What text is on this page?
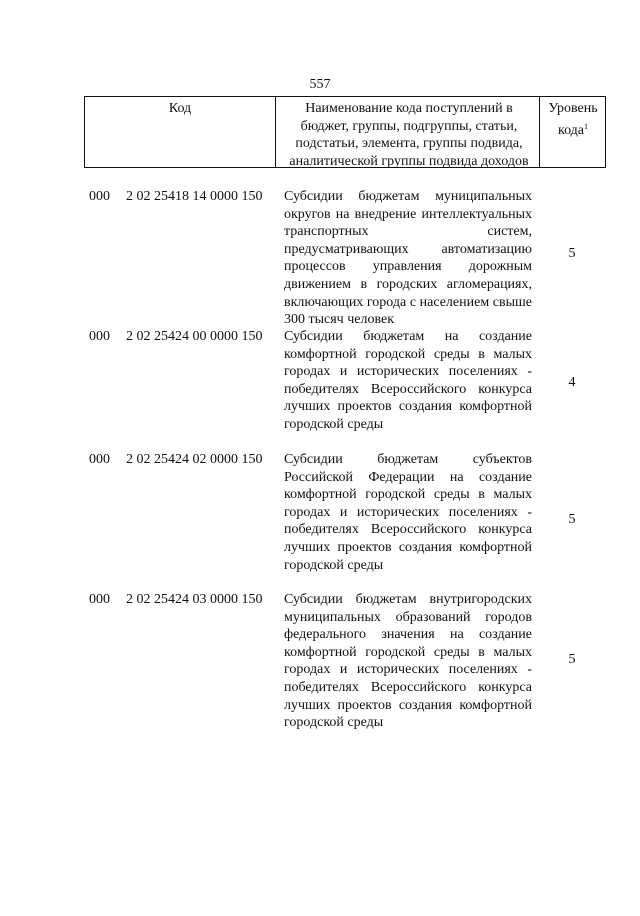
557
Код	Наименование кода поступлений в бюджет, группы, подгруппы, статьи, подстатьи, элемента, группы подвида, аналитической группы подвида доходов
Уровень кода$^1$
000 2 02 25418 14 0000 150 Субсидии бюджетам муниципальных округов на внедрение интеллектуальных транспортных систем, предусматривающих автоматизацию процессов управления дорожным движением в городских агломерациях, включающих города с населением свыше 300 тысяч человек
5
000 2 02 25424 00 0000 150 Субсидии бюджетам на создание комфортной городской среды в малых городах и исторических поселениях - победителях Всероссийского конкурса лучших проектов создания комфортной городской среды
4
000 2 02 25424 02 0000 150 Субсидии бюджетам субъектов Российской Федерации на создание комфортной городской среды в малых городах и исторических поселениях - победителях Всероссийского конкурса лучших проектов создания комфортной городской среды
5
000 2 02 25424 03 0000 150 Субсидии бюджетам внутригородских муниципальных образований городов федерального значения на создание комфортной городской среды в малых городах и исторических поселениях - победителях Всероссийского конкурса лучших проектов создания комфортной городской среды
5
